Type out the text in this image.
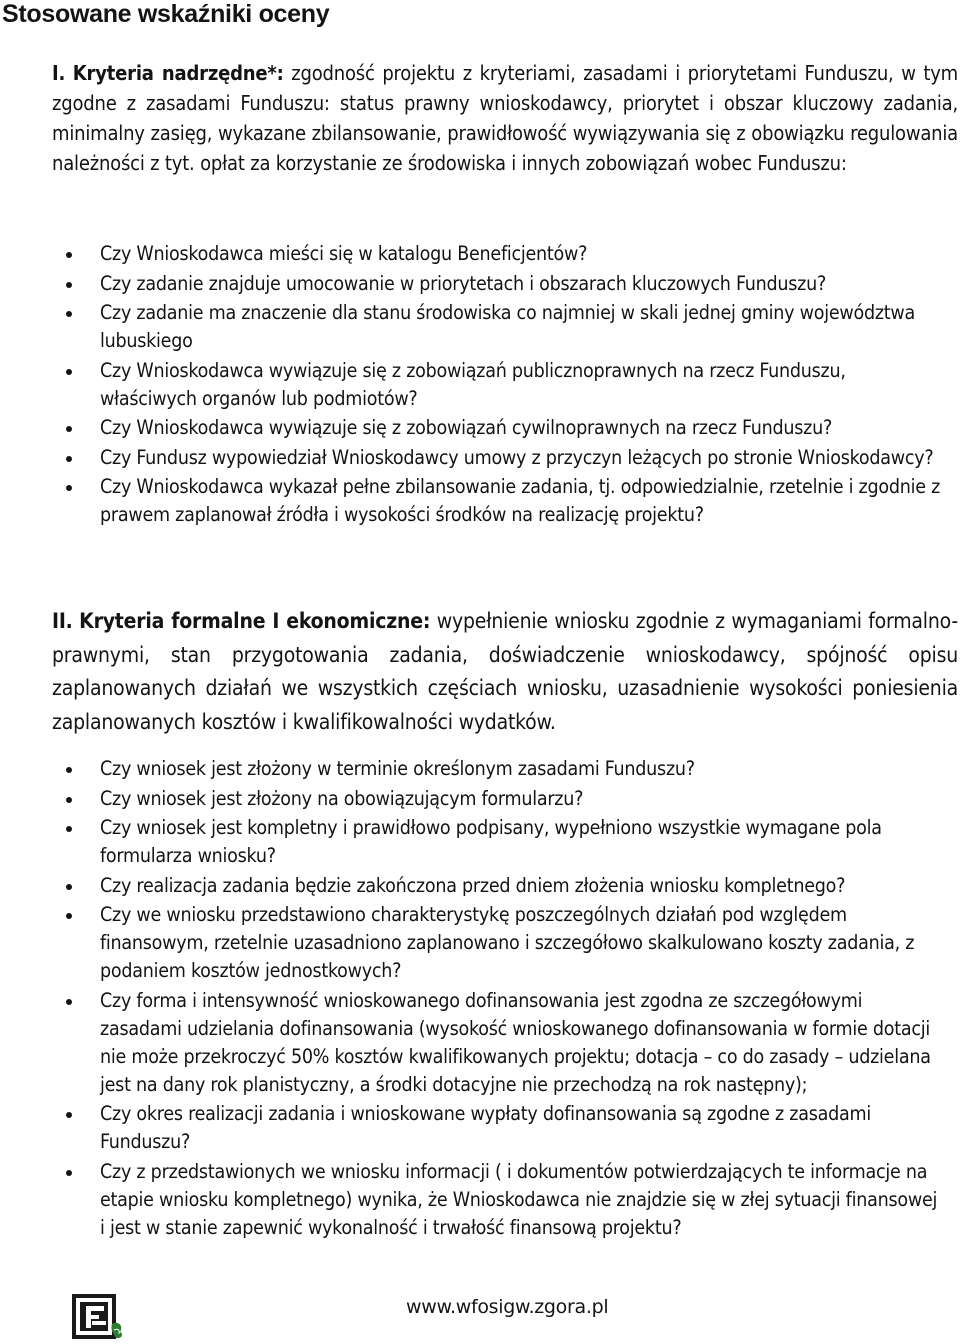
Stosowane wskaźniki oceny
I. Kryteria nadrzędne*: zgodność projektu z kryteriami, zasadami i priorytetami Funduszu, w tym zgodne z zasadami Funduszu: status prawny wnioskodawcy, priorytet i obszar kluczowy zadania, minimalny zasięg, wykazane zbilansowanie, prawidłowość wywiązywania się z obowiązku regulowania należności z tyt. opłat za korzystanie ze środowiska i innych zobowiązań wobec Funduszu:
Czy Wnioskodawca mieści się w katalogu Beneficjentów?
Czy zadanie znajduje umocowanie w priorytetach i obszarach kluczowych Funduszu?
Czy zadanie ma znaczenie dla stanu środowiska co najmniej w skali jednej gminy województwa lubuskiego
Czy Wnioskodawca wywiązuje się z zobowiązań publicznoprawnych na rzecz Funduszu, właściwych organów lub podmiotów?
Czy Wnioskodawca wywiązuje się z zobowiązań cywilnoprawnych na rzecz Funduszu?
Czy Fundusz wypowiedział Wnioskodawcy umowy z przyczyn leżących po stronie Wnioskodawcy?
Czy Wnioskodawca wykazał pełne zbilansowanie zadania, tj. odpowiedzialnie, rzetelnie i zgodnie z prawem zaplanował źródła i wysokości środków na realizację projektu?
II. Kryteria formalne I ekonomiczne: wypełnienie wniosku zgodnie z wymaganiami formalno-prawnymi, stan przygotowania zadania, doświadczenie wnioskodawcy, spójność opisu zaplanowanych działań we wszystkich częściach wniosku, uzasadnienie wysokości poniesienia zaplanowanych kosztów i kwalifikowalności wydatków.
Czy wniosek jest złożony w terminie określonym zasadami Funduszu?
Czy wniosek jest złożony na obowiązującym formularzu?
Czy wniosek jest kompletny i prawidłowo podpisany, wypełniono wszystkie wymagane pola formularza wniosku?
Czy realizacja zadania będzie zakończona przed dniem złożenia wniosku kompletnego?
Czy we wniosku przedstawiono charakterystykę poszczególnych działań pod względem finansowym, rzetelnie uzasadniono zaplanowano i szczegółowo skalkulowano koszty zadania, z podaniem kosztów jednostkowych?
Czy forma i intensywność wnioskowanego dofinansowania jest zgodna ze szczegółowymi zasadami udzielania dofinansowania (wysokość wnioskowanego dofinansowania w formie dotacji nie może przekroczyć 50% kosztów kwalifikowanych projektu; dotacja – co do zasady – udzielana jest na dany rok planistyczny, a środki dotacyjne nie przechodzą na rok następny);
Czy okres realizacji zadania i wnioskowane wypłaty dofinansowania są zgodne z zasadami Funduszu?
Czy z przedstawionych we wniosku informacji ( i dokumentów potwierdzających te informacje na etapie wniosku kompletnego) wynika, że Wnioskodawca nie znajdzie się w złej sytuacji finansowej i jest w stanie zapewnić wykonalność i trwałość finansową projektu?
www.wfosigw.zgora.pl
